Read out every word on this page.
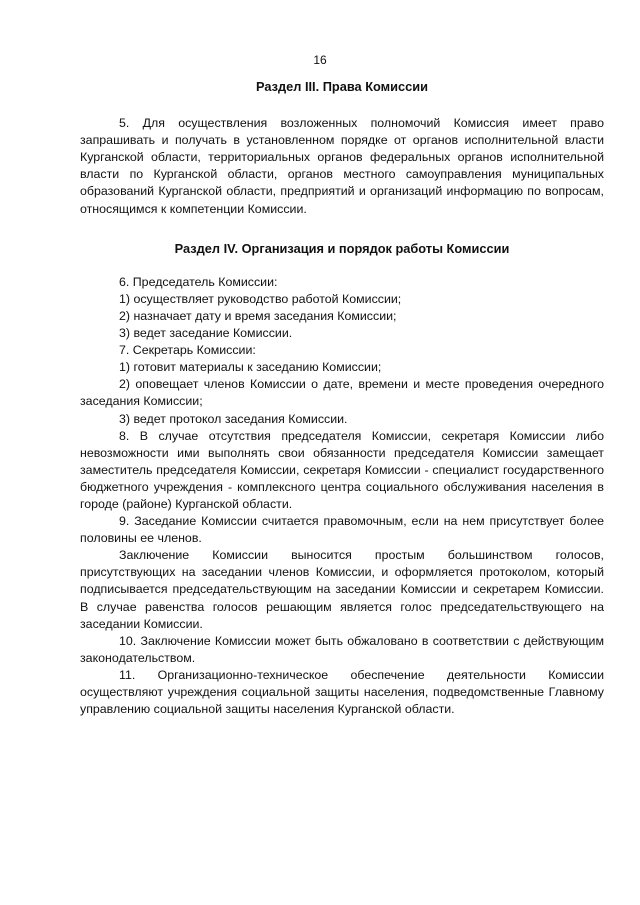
16

Раздел III. Права Комиссии

5. Для осуществления возложенных полномочий Комиссия имеет право запрашивать и получать в установленном порядке от органов исполнительной власти Курганской области, территориальных органов федеральных органов исполнительной власти по Курганской области, органов местного самоуправления муниципальных образований Курганской области, предприятий и организаций информацию по вопросам, относящимся к компетенции Комиссии.

Раздел IV. Организация и порядок работы Комиссии

6. Председатель Комиссии:

1) осуществляет руководство работой Комиссии;

2) назначает дату и время заседания Комиссии;

3) ведет заседание Комиссии.

7. Секретарь Комиссии:

1) готовит материалы к заседанию Комиссии;

2) оповещает членов Комиссии о дате, времени и месте проведения очередного заседания Комиссии;

3) ведет протокол заседания Комиссии.

8. В случае отсутствия председателя Комиссии, секретаря Комиссии либо невозможности ими выполнять свои обязанности председателя Комиссии замещает заместитель председателя Комиссии, секретаря Комиссии - специалист государственного бюджетного учреждения - комплексного центра социального обслуживания населения в городе (районе) Курганской области.

9. Заседание Комиссии считается правомочным, если на нем присутствует более половины ее членов.

Заключение Комиссии выносится простым большинством голосов, присутствующих на заседании членов Комиссии, и оформляется протоколом, который подписывается председательствующим на заседании Комиссии и секретарем Комиссии. В случае равенства голосов решающим является голос председательствующего на заседании Комиссии.

10. Заключение Комиссии может быть обжаловано в соответствии с действующим законодательством.

11. Организационно-техническое обеспечение деятельности Комиссии осуществляют учреждения социальной защиты населения, подведомственные Главному управлению социальной защиты населения Курганской области.
